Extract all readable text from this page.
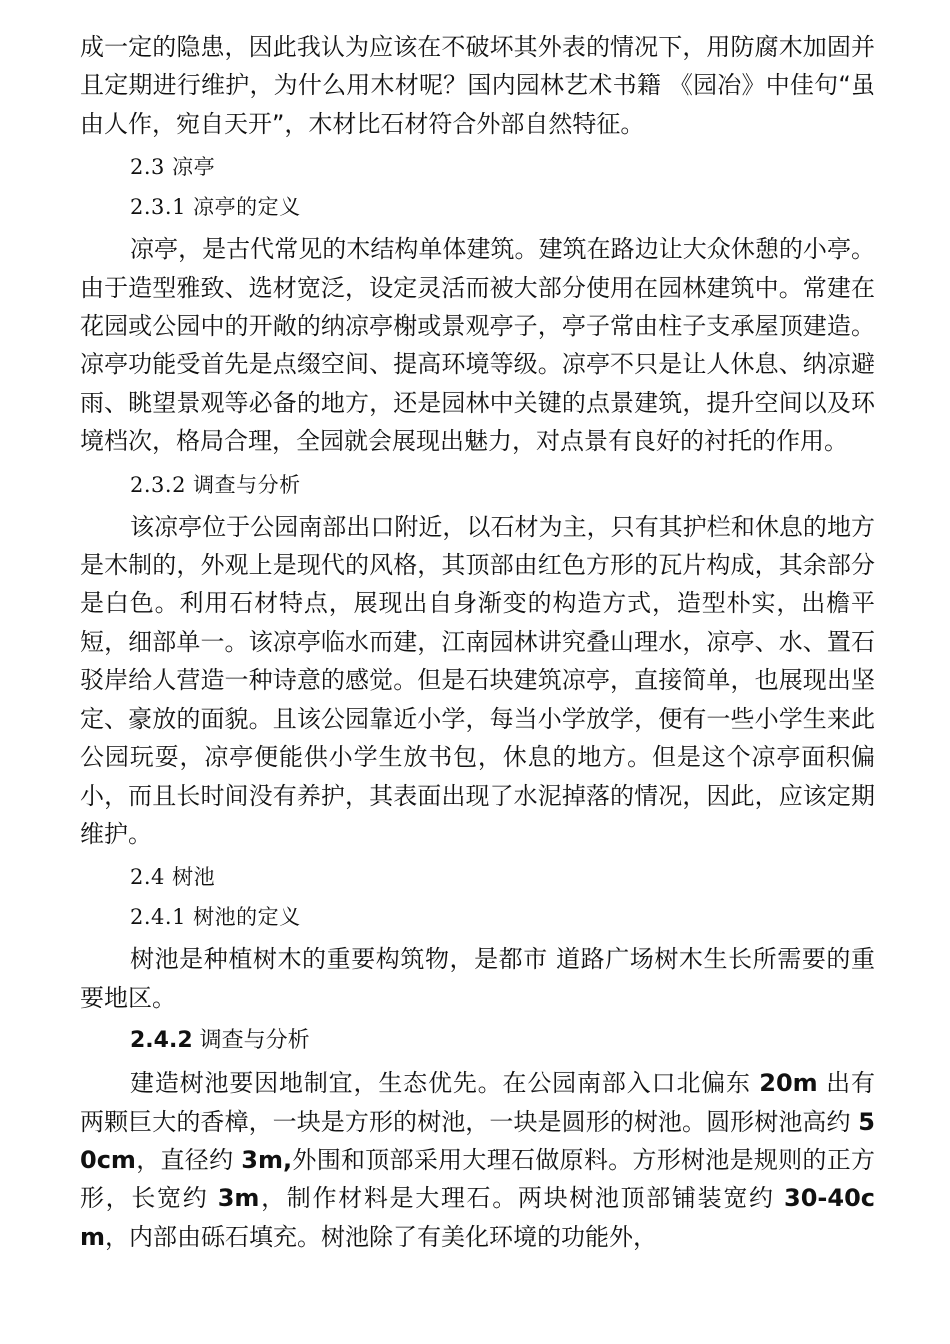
成一定的隐患，因此我认为应该在不破坏其外表的情况下，用防腐木加固并且定期进行维护，为什么用木材呢？国内园林艺术书籍 《园冶》中佳句“虽由人作，宛自天开”，木材比石材符合外部自然特征。

2.3 凉亭

2.3.1 凉亭的定义

凉亭，是古代常见的木结构单体建筑。建筑在路边让大众休憩的小亭。由于造型雅致、选材宽泛，设定灵活而被大部分使用在园林建筑中。常建在花园或公园中的开敞的纳凉亭榭或景观亭子，亭子常由柱子支承屋顶建造。 凉亭功能受首先是点缀空间、提高环境等级。凉亭不只是让人休息、纳凉避雨、眺望景观等必备的地方，还是园林中关键的点景建筑，提升空间以及环境档次，格局合理，全园就会展现出魅力，对点景有良好的衬托的作用。

2.3.2 调查与分析

该凉亭位于公园南部出口附近，以石材为主，只有其护栏和休息的地方是木制的，外观上是现代的风格，其顶部由红色方形的瓦片构成，其余部分是白色。利用石材特点，展现出自身渐变的构造方式，造型朴实，出檐平短，细部单一。该凉亭临水而建，江南园林讲究叠山理水，凉亭、水、置石驳岸给人营造一种诗意的感觉。但是石块建筑凉亭，直接简单，也展现出坚定、豪放的面貌。且该公园靠近小学，每当小学放学，便有一些小学生来此公园玩耍，凉亭便能供小学生放书包，休息的地方。但是这个凉亭面积偏小，而且长时间没有养护，其表面出现了水泥掉落的情况，因此，应该定期维护。

2.4 树池

2.4.1 树池的定义

树池是种植树木的重要构筑物，是都市 道路广场树木生长所需要的重要地区。

2.4.2 调查与分析

建造树池要因地制宜，生态优先。在公园南部入口北偏东 20m 出有两颗巨大的香樟，一块是方形的树池，一块是圆形的树池。圆形树池高约 50cm，直径约 3m,外围和顶部采用大理石做原料。方形树池是规则的正方形，长宽约 3m，制作材料是大理石。两块树池顶部铺装宽约 30-40cm，内部由砾石填充。树池除了有美化环境的功能外，
